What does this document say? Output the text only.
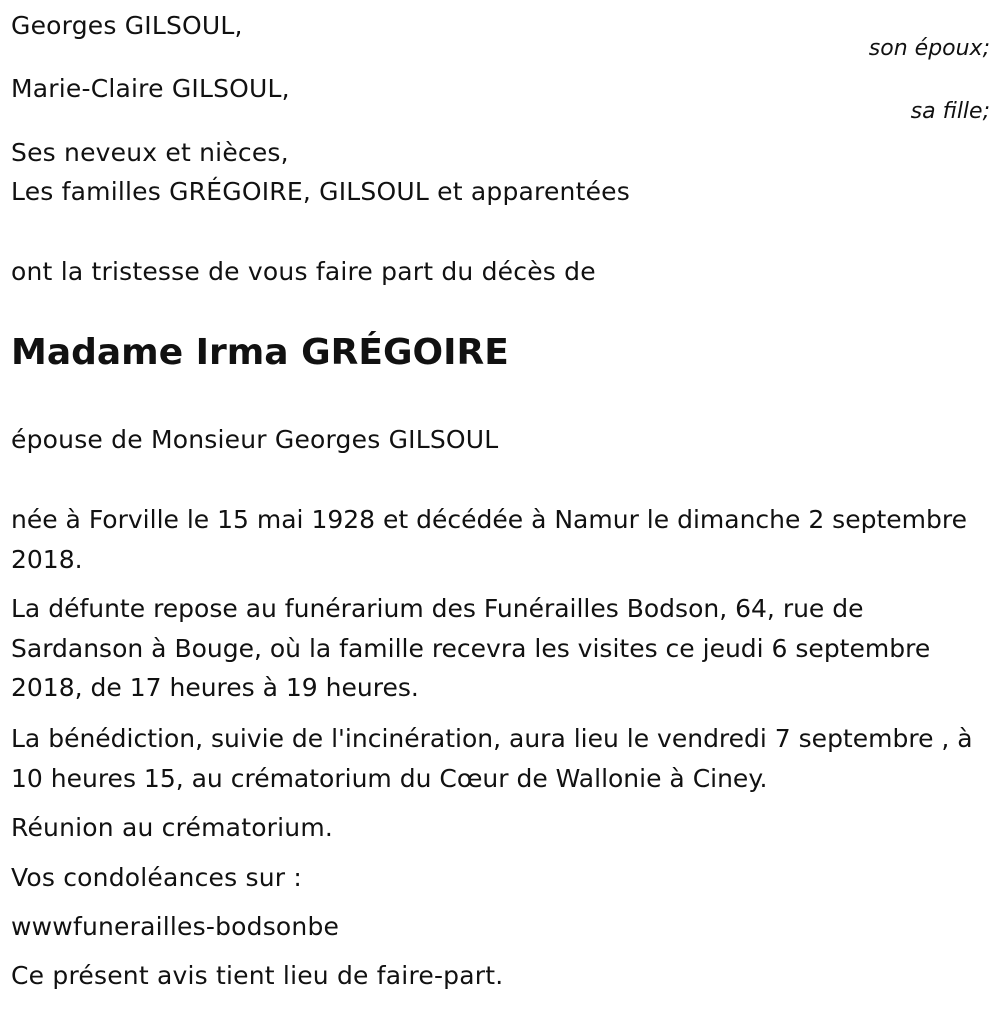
Georges GILSOUL,
son époux;
Marie-Claire GILSOUL,
sa fille;
Ses neveux et nièces,
Les familles GRÉGOIRE, GILSOUL et apparentées
ont la tristesse de vous faire part du décès de
Madame Irma GRÉGOIRE
épouse de Monsieur Georges GILSOUL
née à Forville le 15 mai 1928 et décédée à Namur le dimanche 2 septembre 2018.
La défunte repose au funérarium des Funérailles Bodson, 64, rue de Sardanson à Bouge, où la famille recevra les visites ce jeudi 6 septembre 2018, de 17 heures à 19 heures.
La bénédiction, suivie de l'incinération, aura lieu le vendredi 7 septembre , à 10 heures 15, au crématorium du Cœur de Wallonie à Ciney.
Réunion au crématorium.
Vos condoléances sur :
wwwfunerailles-bodsonbe
Ce présent avis tient lieu de faire-part.
